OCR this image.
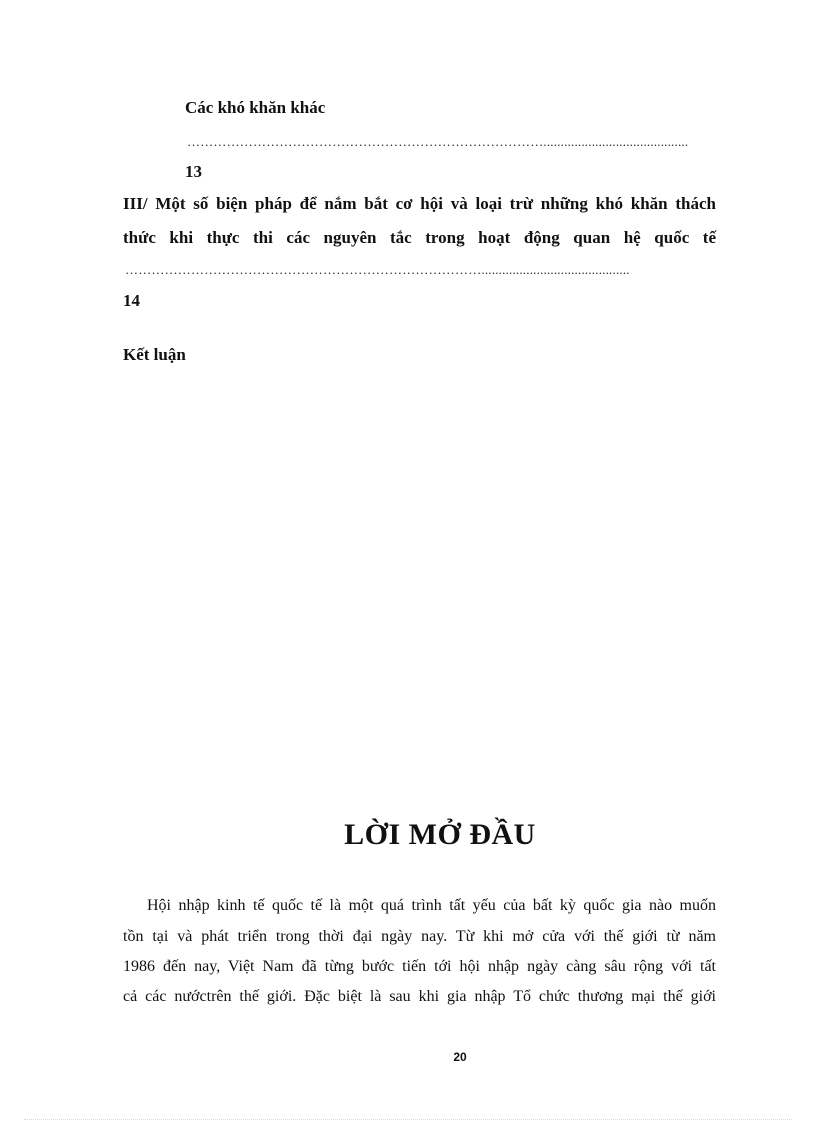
Các khó khăn khác
………………………………………………………………………..........................................
13
III/ Một số biện pháp để nắm bắt cơ hội và loại trừ những khó khăn thách
thức khi thực thi các nguyên tắc trong hoạt động quan hệ quốc tế
………………………………………………………………………...........................................
14
Kết luận
LỜI MỞ ĐẦU
Hội nhập kinh tế quốc tế là một quá trình tất yếu của bất kỳ quốc gia nào muốn
tồn tại và phát triển trong thời đại ngày nay. Từ khi mở cửa với thế giới từ năm
1986 đến nay, Việt Nam đã từng bước tiến tới hội nhập ngày càng sâu rộng với tất
cả các nướctrên thế giới. Đặc biệt là sau khi gia nhập Tổ chức thương mại thế giới
20
